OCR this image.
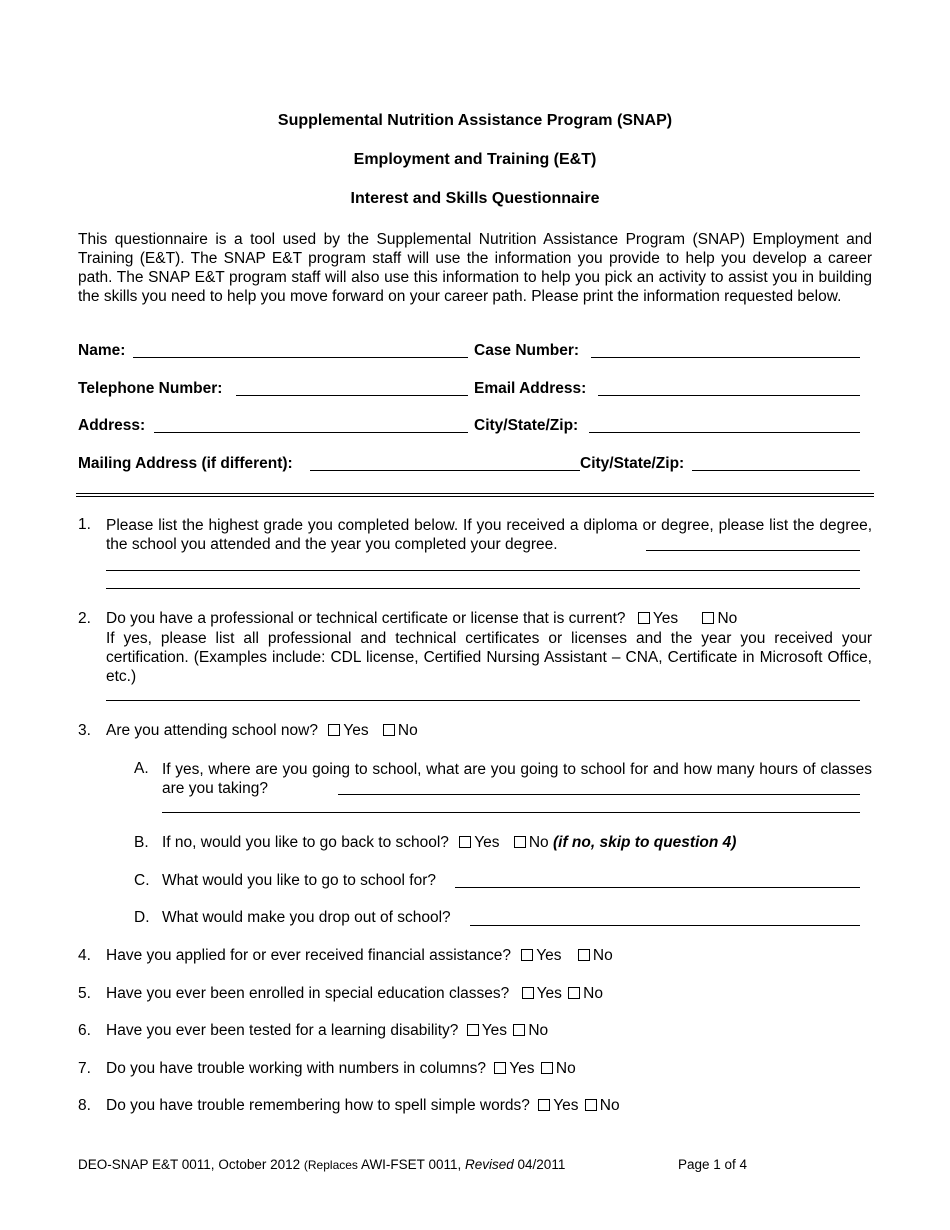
Supplemental Nutrition Assistance Program (SNAP)
Employment and Training (E&T)
Interest and Skills Questionnaire
This questionnaire is a tool used by the Supplemental Nutrition Assistance Program (SNAP) Employment and Training (E&T). The SNAP E&T program staff will use the information you provide to help you develop a career path. The SNAP E&T program staff will also use this information to help you pick an activity to assist you in building the skills you need to help you move forward on your career path. Please print the information requested below.
Name:	Case Number:
Telephone Number:	Email Address:
Address:	City/State/Zip:
Mailing Address (if different):	City/State/Zip:
1. Please list the highest grade you completed below. If you received a diploma or degree, please list the degree, the school you attended and the year you completed your degree.
2. Do you have a professional or technical certificate or license that is current? Yes	No
If yes, please list all professional and technical certificates or licenses and the year you received your certification. (Examples include: CDL license, Certified Nursing Assistant – CNA, Certificate in Microsoft Office, etc.)
3. Are you attending school now? Yes No
A. If yes, where are you going to school, what are you going to school for and how many hours of classes are you taking?
B. If no, would you like to go back to school? Yes No (if no, skip to question 4)
C. What would you like to go to school for?
D. What would make you drop out of school?
4. Have you applied for or ever received financial assistance? Yes No
5. Have you ever been enrolled in special education classes? Yes No
6. Have you ever been tested for a learning disability? Yes No
7. Do you have trouble working with numbers in columns? Yes No
8. Do you have trouble remembering how to spell simple words? Yes No
DEO-SNAP E&T 0011, October 2012 (Replaces AWI-FSET 0011, Revised 04/2011	Page 1 of 4
